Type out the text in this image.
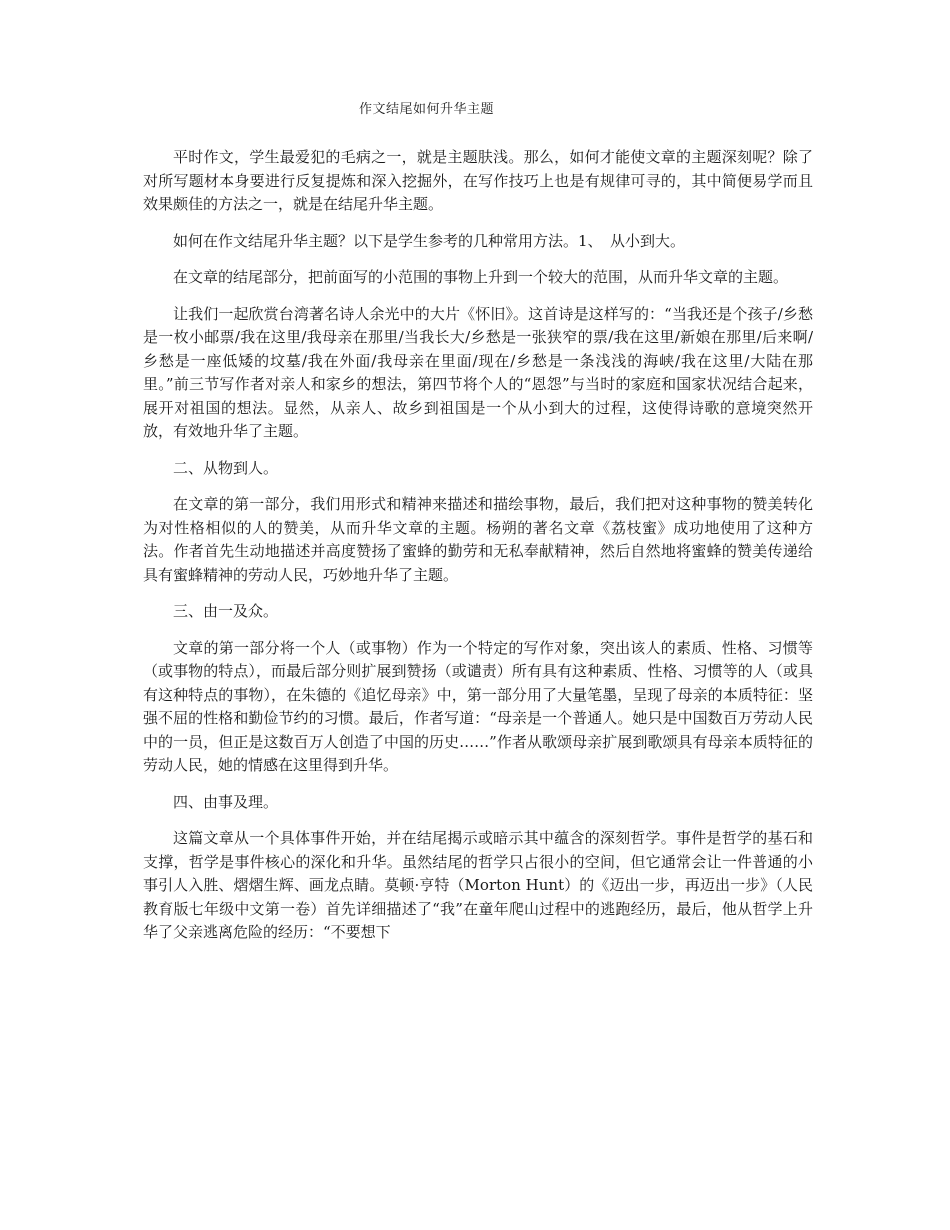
作文结尾如何升华主题

平时作文，学生最爱犯的毛病之一，就是主题肤浅。那么，如何才能使文章的主题深刻呢？除了对所写题材本身要进行反复提炼和深入挖掘外，在写作技巧上也是有规律可寻的，其中简便易学而且效果颇佳的方法之一，就是在结尾升华主题。

如何在作文结尾升华主题？以下是学生参考的几种常用方法。1、　从小到大。

在文章的结尾部分，把前面写的小范围的事物上升到一个较大的范围，从而升华文章的主题。

让我们一起欣赏台湾著名诗人余光中的大片《怀旧》。这首诗是这样写的：“当我还是个孩子/乡愁是一枚小邮票/我在这里/我母亲在那里/当我长大/乡愁是一张狭窄的票/我在这里/新娘在那里/后来啊/乡愁是一座低矮的坟墓/我在外面/我母亲在里面/现在/乡愁是一条浅浅的海峡/我在这里/大陆在那里。”前三节写作者对亲人和家乡的想法，第四节将个人的“恩怨”与当时的家庭和国家状况结合起来，展开对祖国的想法。显然，从亲人、故乡到祖国是一个从小到大的过程，这使得诗歌的意境突然开放，有效地升华了主题。

二、从物到人。

在文章的第一部分，我们用形式和精神来描述和描绘事物，最后，我们把对这种事物的赞美转化为对性格相似的人的赞美，从而升华文章的主题。杨朔的著名文章《荔枝蜜》成功地使用了这种方法。作者首先生动地描述并高度赞扬了蜜蜂的勤劳和无私奉献精神，然后自然地将蜜蜂的赞美传递给具有蜜蜂精神的劳动人民，巧妙地升华了主题。

三、由一及众。

文章的第一部分将一个人（或事物）作为一个特定的写作对象，突出该人的素质、性格、习惯等（或事物的特点），而最后部分则扩展到赞扬（或谴责）所有具有这种素质、性格、习惯等的人（或具有这种特点的事物），在朱德的《追忆母亲》中，第一部分用了大量笔墨，呈现了母亲的本质特征：坚强不屈的性格和勤俭节约的习惯。最后，作者写道：“母亲是一个普通人。她只是中国数百万劳动人民中的一员，但正是这数百万人创造了中国的历史……”作者从歌颂母亲扩展到歌颂具有母亲本质特征的劳动人民，她的情感在这里得到升华。

四、由事及理。

这篇文章从一个具体事件开始，并在结尾揭示或暗示其中蕴含的深刻哲学。事件是哲学的基石和支撑，哲学是事件核心的深化和升华。虽然结尾的哲学只占很小的空间，但它通常会让一件普通的小事引人入胜、熠熠生辉、画龙点睛。莫顿·亨特（Morton Hunt）的《迈出一步，再迈出一步》（人民教育版七年级中文第一卷）首先详细描述了“我”在童年爬山过程中的逃跑经历，最后，他从哲学上升华了父亲逃离危险的经历：“不要想下
